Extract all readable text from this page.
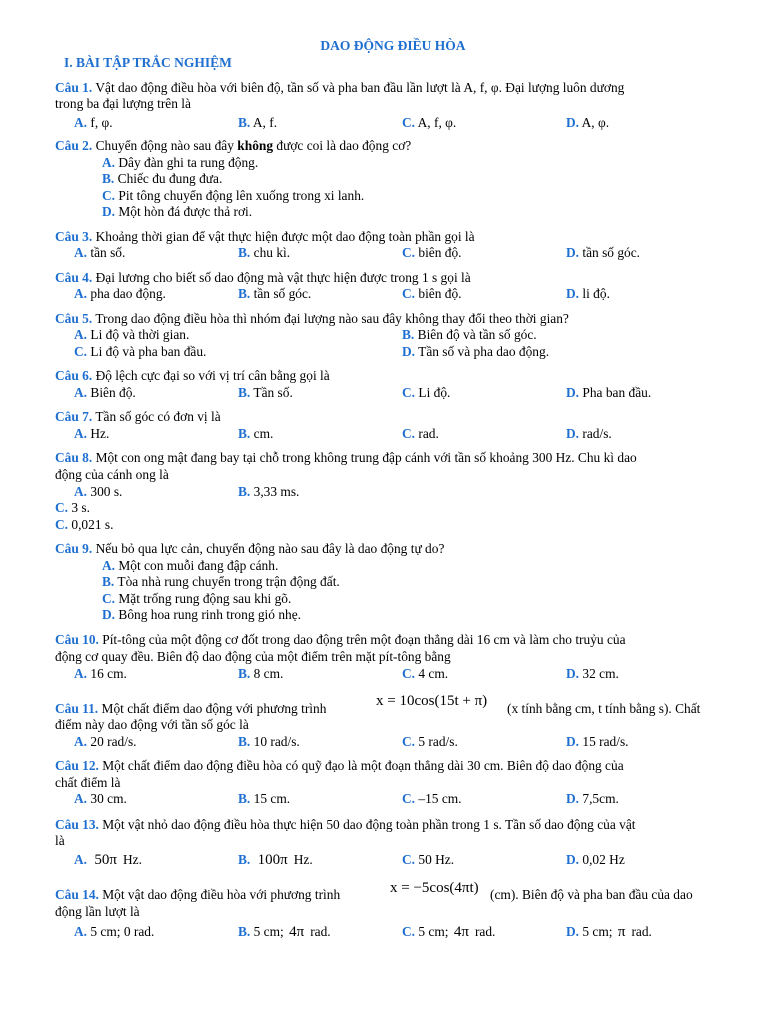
DAO ĐỘNG ĐIỀU HÒA
I. BÀI TẬP TRẮC NGHIỆM
Câu 1. Vật dao động điều hòa với biên độ, tần số và pha ban đầu lần lượt là A, f, φ. Đại lượng luôn dương
trong ba đại lượng trên là
A. f, φ.	B. A, f.	C. A, f, φ.	D. A, φ.
Câu 2. Chuyển động nào sau đây không được coi là dao động cơ?
A. Dây đàn ghi ta rung động.
B. Chiếc đu đung đưa.
C. Pit tông chuyển động lên xuống trong xi lanh.
D. Một hòn đá được thả rơi.
Câu 3. Khoảng thời gian để vật thực hiện được một dao động toàn phần gọi là
A. tần số.	B. chu kì.	C. biên độ.	D. tần số góc.
Câu 4. Đại lương cho biết số dao động mà vật thực hiện được trong 1 s gọi là
A. pha dao động.	B. tần số góc.	C. biên độ.	D. li độ.
Câu 5. Trong dao động điều hòa thì nhóm đại lượng nào sau đây không thay đổi theo thời gian?
A. Li độ và thời gian.	B. Biên độ và tần số góc.
C. Li độ và pha ban đầu.	D. Tần số và pha dao động.
Câu 6. Độ lệch cực đại so với vị trí cân bằng gọi là
A. Biên độ.	B. Tần số.	C. Li độ.	D. Pha ban đầu.
Câu 7. Tần số góc có đơn vị là
A. Hz.	B. cm.	C. rad.	D. rad/s.
Câu 8. Một con ong mật đang bay tại chỗ trong không trung đập cánh với tần số khoảng 300 Hz. Chu kì dao
động của cánh ong là
A. 300 s.	B. 3,33 ms.
C. 3 s.
C. 0,021 s.
Câu 9. Nếu bỏ qua lực cản, chuyển động nào sau đây là dao động tự do?
A. Một con muỗi đang đập cánh.
B. Tòa nhà rung chuyển trong trận động đất.
C. Mặt trống rung động sau khi gõ.
D. Bông hoa rung rinh trong gió nhẹ.
Câu 10. Pít-tông của một động cơ đốt trong dao động trên một đoạn thẳng dài 16 cm và làm cho truỷu của
động cơ quay đều. Biên độ dao động của một điểm trên mặt pít-tông bằng
A. 16 cm.	B. 8 cm.	C. 4 cm.	D. 32 cm.
Câu 11. Một chất điểm dao động với phương trình	x = 10cos(15t + π) (x tính bằng cm, t tính bằng s). Chất
điểm này dao động với tần số góc là
A. 20 rad/s.	B. 10 rad/s.	C. 5 rad/s.	D. 15 rad/s.
Câu 12. Một chất điểm dao động điều hòa có quỹ đạo là một đoạn thẳng dài 30 cm. Biên độ dao động của
chất điểm là
A. 30 cm.	B. 15 cm.	C. –15 cm.	D. 7,5cm.
Câu 13. Một vật nhỏ dao động điều hòa thực hiện 50 dao động toàn phần trong 1 s. Tần số dao động của vật
là
A. 50π Hz.	B. 100π Hz.	C. 50 Hz.	D. 0,02 Hz
Câu 14. Một vật dao động điều hòa với phương trình	x = −5cos(4πt) (cm). Biên độ và pha ban đầu của dao
động lần lượt là
A. 5 cm; 0 rad.	B. 5 cm; 4π rad.	C. 5 cm; 4π rad.	D. 5 cm; π rad.
